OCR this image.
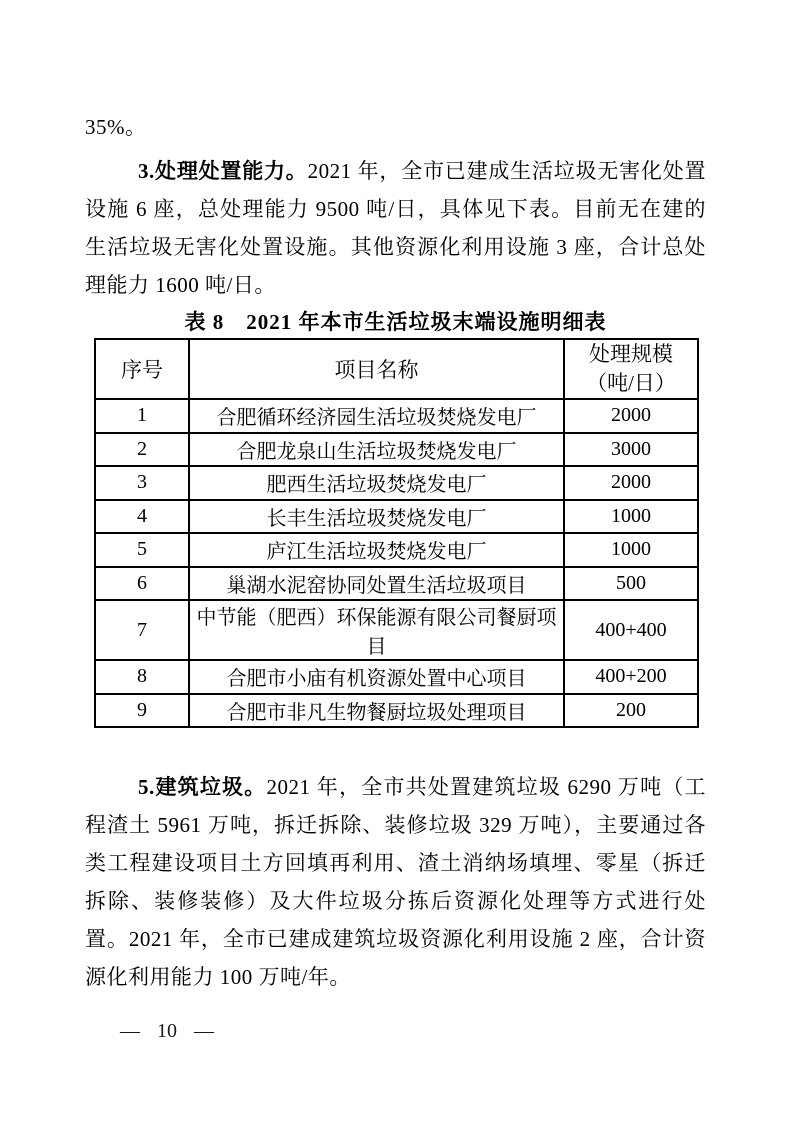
35%。

3.处理处置能力。2021 年，全市已建成生活垃圾无害化处置设施 6 座，总处理能力 9500 吨/日，具体见下表。目前无在建的生活垃圾无害化处置设施。其他资源化利用设施 3 座，合计总处理能力 1600 吨/日。

表 8　2021 年本市生活垃圾末端设施明细表
序号	项目名称	处理规模
（吨/日）

1	合肥循环经济园生活垃圾焚烧发电厂	2000
2	合肥龙泉山生活垃圾焚烧发电厂	3000
3	肥西生活垃圾焚烧发电厂	2000
4	长丰生活垃圾焚烧发电厂	1000
5	庐江生活垃圾焚烧发电厂	1000
6	巢湖水泥窑协同处置生活垃圾项目	500
7	中节能（肥西）环保能源有限公司餐厨项目	400+400
8	合肥市小庙有机资源处置中心项目	400+200
9	合肥市非凡生物餐厨垃圾处理项目	200

5.建筑垃圾。2021 年，全市共处置建筑垃圾 6290 万吨（工程渣土 5961 万吨，拆迁拆除、装修垃圾 329 万吨），主要通过各类工程建设项目土方回填再利用、渣土消纳场填埋、零星（拆迁拆除、装修装修）及大件垃圾分拣后资源化处理等方式进行处置。2021 年，全市已建成建筑垃圾资源化利用设施 2 座，合计资源化利用能力 100 万吨/年。

— 10 —
